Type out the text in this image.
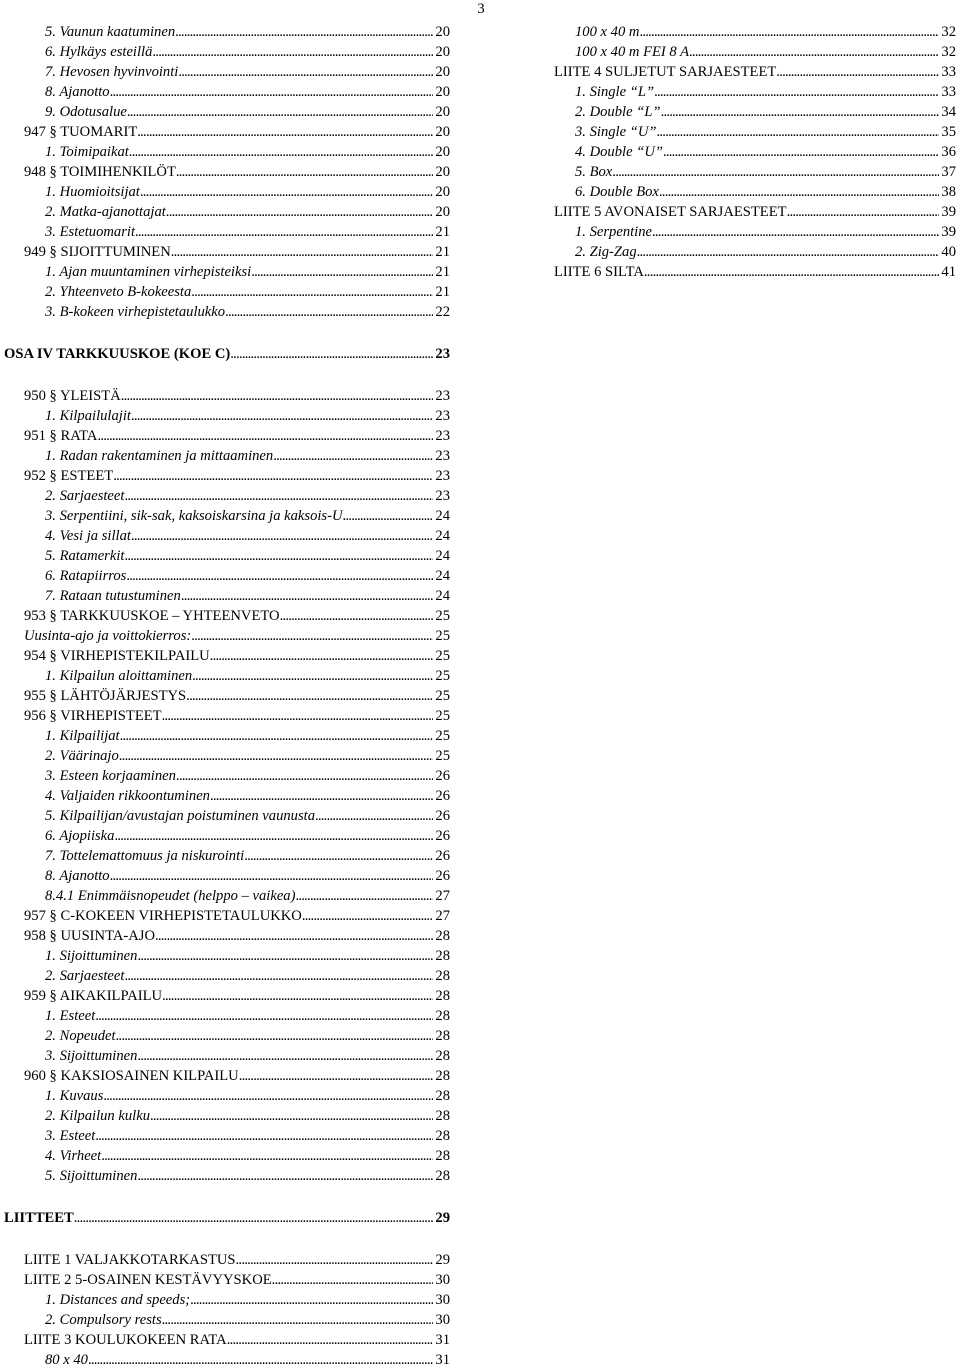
3
5. Vaunun kaatuminen . . .	20
6. Hylkäys esteillä . . .	20
7. Hevosen hyvinvointi . . .	20
8. Ajanotto . . .	20
9. Odotusalue . . .	20
947 § TUOMARIT . . .	20
1. Toimipaikat . . .	20
948 § TOIMIHENKILÖT . . .	20
1. Huomioitsijat . . .	20
2. Matka-ajanottajat . . .	20
3. Estetuomarit . . .	21
949 § SIJOITTUMINEN . . .	21
1. Ajan muuntaminen virhepisteiksi . . .	21
2. Yhteenveto B-kokeesta . . .	21
3. B-kokeen virhepistetaulukko . . .	22
OSA IV TARKKUUSKOE (KOE C) . . .	23
950 § YLEISTÄ . . .	23
1. Kilpailulajit . . .	23
951 § RATA . . .	23
1. Radan rakentaminen ja mittaaminen . . .	23
952 § ESTEET . . .	23
2. Sarjaesteet . . .	23
3. Serpentiini, sik-sak, kaksoiskarsina ja kaksois-U . . .	24
4. Vesi ja sillat . . .	24
5. Ratamerkit . . .	24
6. Ratapiirros . . .	24
7. Rataan tutustuminen . . .	24
953 § TARKKUUSKOE – YHTEENVETO . . .	25
Uusinta-ajo ja voittokierros: . . .	25
954 § VIRHEPISTEKILPAILU . . .	25
1. Kilpailun aloittaminen . . .	25
955 § LÄHTÖJÄRJESTYS . . .	25
956 § VIRHEPISTEET . . .	25
1. Kilpailijat . . .	25
2. Väärinajo . . .	25
3. Esteen korjaaminen . . .	26
4. Valjaiden rikkoontuminen . . .	26
5. Kilpailijan/avustajan poistuminen vaunusta . . .	26
6. Ajopiiska . . .	26
7. Tottelemattomuus ja niskurointi . . .	26
8. Ajanotto . . .	26
8.4.1 Enimmäisnopeudet (helppo – vaikea) . . .	27
957 § C-KOKEEN VIRHEPISTETAULUKKO . . .	27
958 § UUSINTA-AJO . . .	28
1. Sijoittuminen . . .	28
2. Sarjaesteet . . .	28
959 § AIKAKILPAILU . . .	28
1. Esteet . . .	28
2. Nopeudet . . .	28
3. Sijoittuminen . . .	28
960 § KAKSIOSAINEN KILPAILU . . .	28
1. Kuvaus . . .	28
2. Kilpailun kulku . . .	28
3. Esteet . . .	28
4. Virheet . . .	28
5. Sijoittuminen . . .	28
LIITTEET . . .	29
LIITE 1 VALJAKKOTARKASTUS . . .	29
LIITE 2 5-OSAINEN KESTÄVYYSKOE . . .	30
1. Distances and speeds; . . .	30
2. Compulsory rests . . .	30
LIITE 3 KOULUKOKEEN RATA . . .	31
80 x 40 . . .	31
100 x 40 m . . .	32
100 x 40 m FEI 8 A . . .	32
LIITE 4 SULJETUT SARJAESTEET . . .	33
1. Single “L” . . .	33
2. Double “L” . . .	34
3. Single “U” . . .	35
4. Double “U” . . .	36
5. Box . . .	37
6. Double Box . . .	38
LIITE 5 AVONAISET SARJAESTEET . . .	39
1. Serpentine . . .	39
2. Zig-Zag . . .	40
LIITE 6 SILTA . . .	41
